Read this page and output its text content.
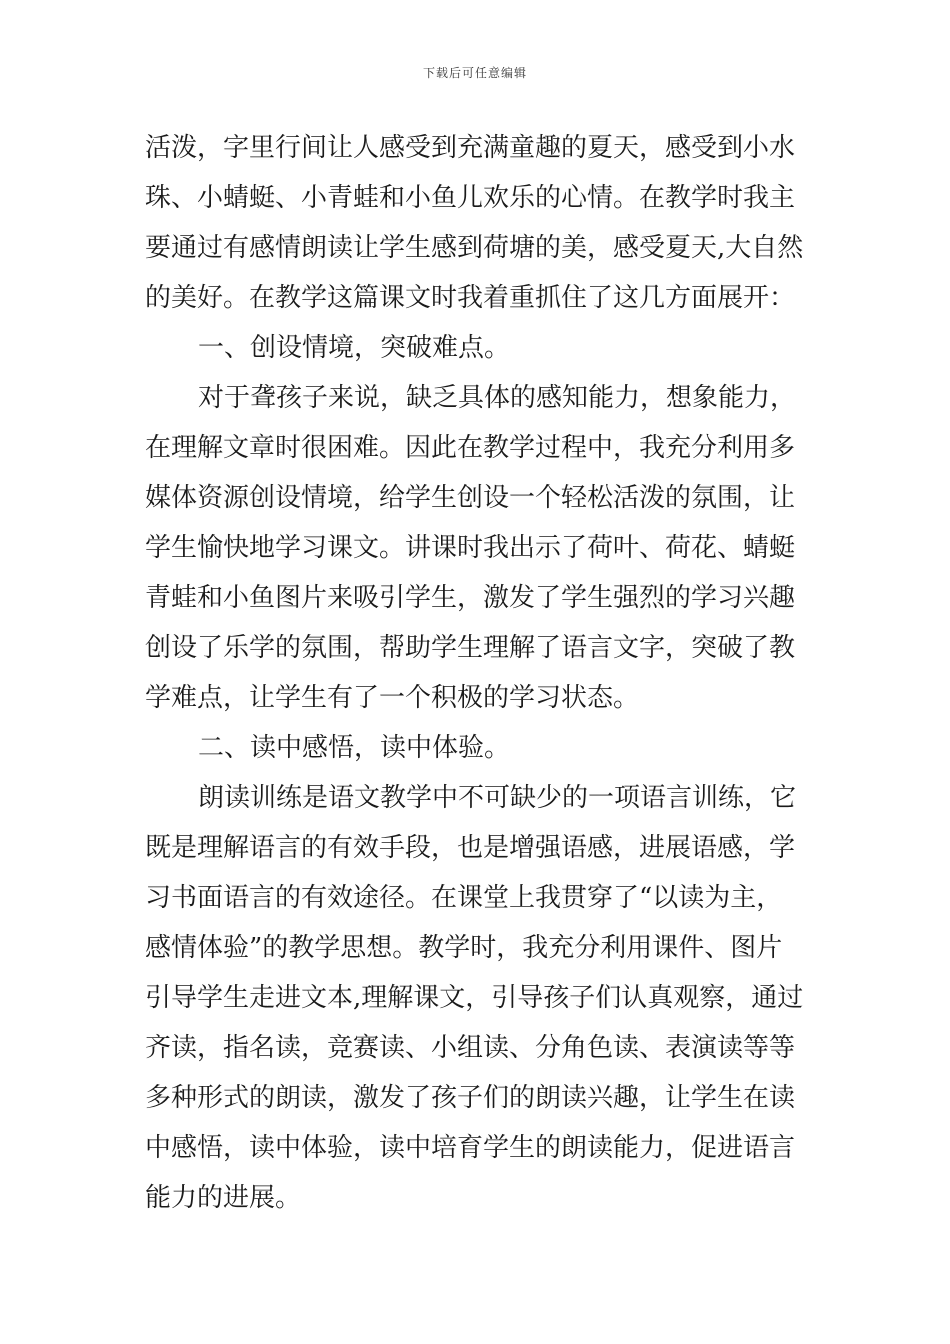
下载后可任意编辑
活泼，字里行间让人感受到充满童趣的夏天，感受到小水
珠、小蜻蜓、小青蛙和小鱼儿欢乐的心情。在教学时我主
要通过有感情朗读让学生感到荷塘的美，感受夏天,大自然
的美好。在教学这篇课文时我着重抓住了这几方面展开：
一、创设情境，突破难点。
对于聋孩子来说，缺乏具体的感知能力，想象能力，
在理解文章时很困难。因此在教学过程中，我充分利用多
媒体资源创设情境，给学生创设一个轻松活泼的氛围，让
学生愉快地学习课文。讲课时我出示了荷叶、荷花、蜻蜓
青蛙和小鱼图片来吸引学生，激发了学生强烈的学习兴趣
创设了乐学的氛围，帮助学生理解了语言文字，突破了教
学难点，让学生有了一个积极的学习状态。
二、读中感悟，读中体验。
朗读训练是语文教学中不可缺少的一项语言训练，它
既是理解语言的有效手段，也是增强语感，进展语感，学
习书面语言的有效途径。在课堂上我贯穿了“以读为主，
感情体验”的教学思想。教学时，我充分利用课件、图片
引导学生走进文本,理解课文，引导孩子们认真观察，通过
齐读，指名读，竞赛读、小组读、分角色读、表演读等等
多种形式的朗读，激发了孩子们的朗读兴趣，让学生在读
中感悟，读中体验，读中培育学生的朗读能力，促进语言
能力的进展。
